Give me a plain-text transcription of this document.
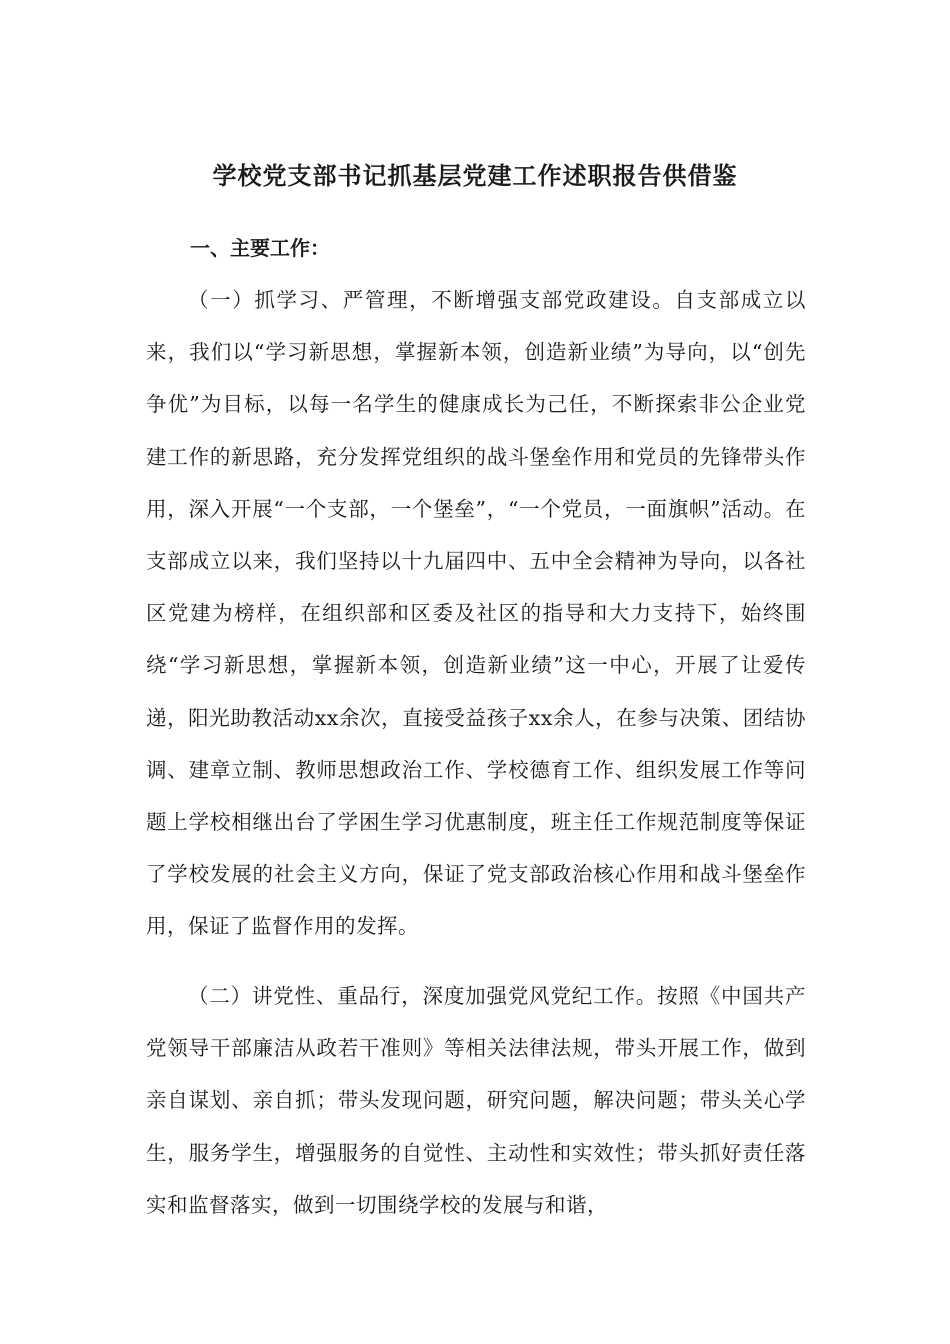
学校党支部书记抓基层党建工作述职报告供借鉴
一、主要工作：

（一）抓学习、严管理，不断增强支部党政建设。自支部成立以来，我们以“学习新思想，掌握新本领，创造新业绩”为导向，以“创先争优”为目标，以每一名学生的健康成长为己任，不断探索非公企业党建工作的新思路，充分发挥党组织的战斗堡垒作用和党员的先锋带头作用，深入开展“一个支部，一个堡垒”，“一个党员，一面旗帜”活动。在支部成立以来，我们坚持以十九届四中、五中全会精神为导向，以各社区党建为榜样，在组织部和区委及社区的指导和大力支持下，始终围绕“学习新思想，掌握新本领，创造新业绩”这一中心，开展了让爱传递，阳光助教活动xx余次，直接受益孩子xx余人，在参与决策、团结协调、建章立制、教师思想政治工作、学校德育工作、组织发展工作等问题上学校相继出台了学困生学习优惠制度，班主任工作规范制度等保证了学校发展的社会主义方向，保证了党支部政治核心作用和战斗堡垒作用，保证了监督作用的发挥。

（二）讲党性、重品行，深度加强党风党纪工作。按照《中国共产党领导干部廉洁从政若干准则》等相关法律法规，带头开展工作，做到亲自谋划、亲自抓；带头发现问题，研究问题，解决问题；带头关心学生，服务学生，增强服务的自觉性、主动性和实效性；带头抓好责任落实和监督落实，做到一切围绕学校的发展与和谐，
